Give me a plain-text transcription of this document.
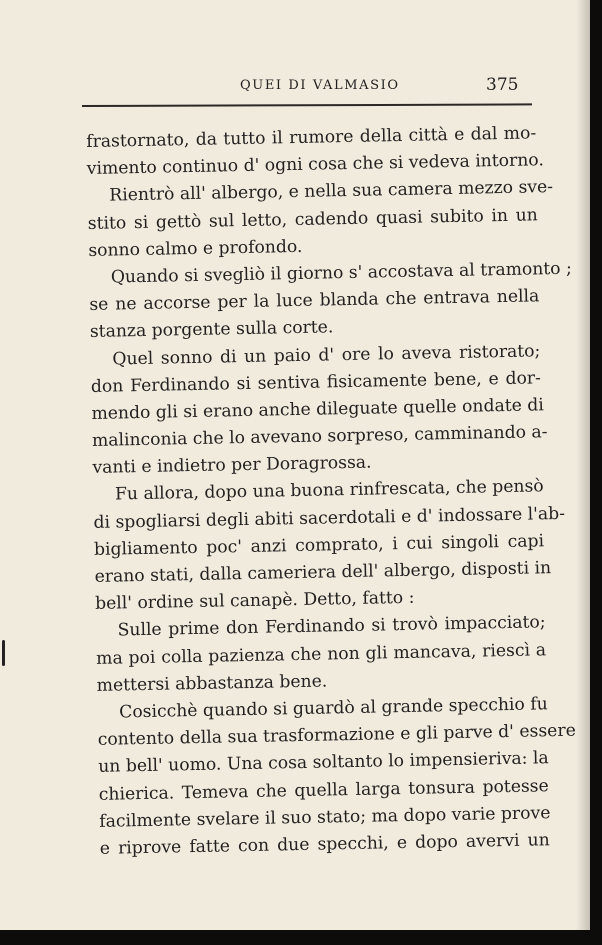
QUEI DI VALMASIO	375
frastornato, da tutto il rumore della città e dal mo-
vimento continuo d' ogni cosa che si vedeva intorno.
Rientrò all' albergo, e nella sua camera mezzo sve-
stito si gettò sul letto, cadendo quasi subito in un
sonno calmo e profondo.
Quando si svegliò il giorno s' accostava al tramonto ;
se ne accorse per la luce blanda che entrava nella
stanza porgente sulla corte.
Quel sonno di un paio d' ore lo aveva ristorato;
don Ferdinando si sentiva fisicamente bene, e dor-
mendo gli si erano anche dileguate quelle ondate di
malinconia che lo avevano sorpreso, camminando a-
vanti e indietro per Doragrossa.
Fu allora, dopo una buona rinfrescata, che pensò
di spogliarsi degli abiti sacerdotali e d' indossare l'ab-
bigliamento poc' anzi comprato, i cui singoli capi
erano stati, dalla cameriera dell' albergo, disposti in
bell' ordine sul canapè. Detto, fatto :
Sulle prime don Ferdinando si trovò impacciato;
ma poi colla pazienza che non gli mancava, riescì a
mettersi abbastanza bene.
Cosicchè quando si guardò al grande specchio fu
contento della sua trasformazione e gli parve d' essere
un bell' uomo. Una cosa soltanto lo impensieriva: la
chierica. Temeva che quella larga tonsura potesse
facilmente svelare il suo stato; ma dopo varie prove
e riprove fatte con due specchi, e dopo avervi un
